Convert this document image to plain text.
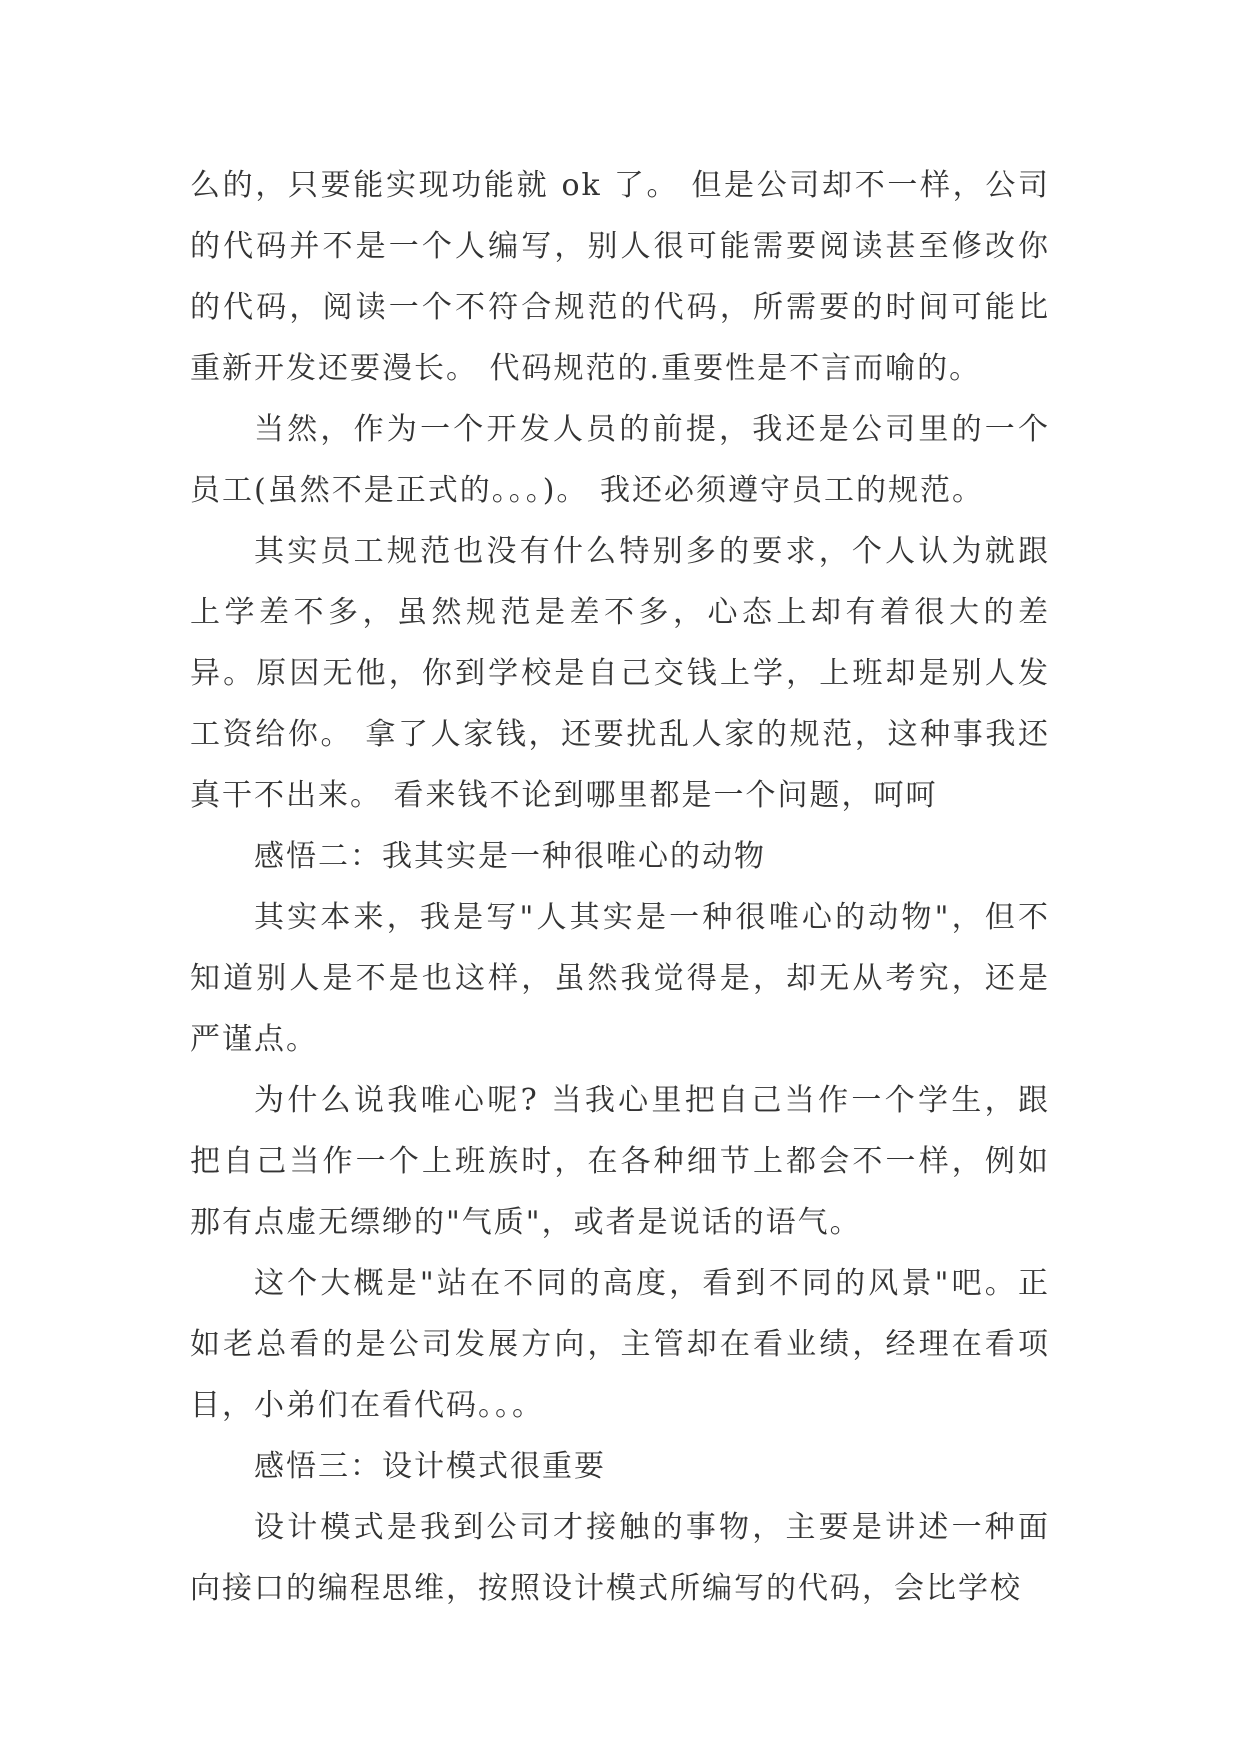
么的，只要能实现功能就 ok 了。 但是公司却不一样，公司的代码并不是一个人编写，别人很可能需要阅读甚至修改你的代码，阅读一个不符合规范的代码，所需要的时间可能比重新开发还要漫长。 代码规范的.重要性是不言而喻的。

当然，作为一个开发人员的前提，我还是公司里的一个员工(虽然不是正式的。。。)。 我还必须遵守员工的规范。

其实员工规范也没有什么特别多的要求，个人认为就跟上学差不多，虽然规范是差不多，心态上却有着很大的差异。原因无他，你到学校是自己交钱上学，上班却是别人发工资给你。 拿了人家钱，还要扰乱人家的规范，这种事我还真干不出来。 看来钱不论到哪里都是一个问题，呵呵

感悟二：我其实是一种很唯心的动物

其实本来，我是写"人其实是一种很唯心的动物"，但不知道别人是不是也这样，虽然我觉得是，却无从考究，还是严谨点。

为什么说我唯心呢? 当我心里把自己当作一个学生，跟把自己当作一个上班族时，在各种细节上都会不一样，例如那有点虚无缥缈的"气质"，或者是说话的语气。

这个大概是"站在不同的高度，看到不同的风景"吧。正如老总看的是公司发展方向，主管却在看业绩，经理在看项目，小弟们在看代码。。。

感悟三：设计模式很重要

设计模式是我到公司才接触的事物，主要是讲述一种面向接口的编程思维，按照设计模式所编写的代码，会比学校
